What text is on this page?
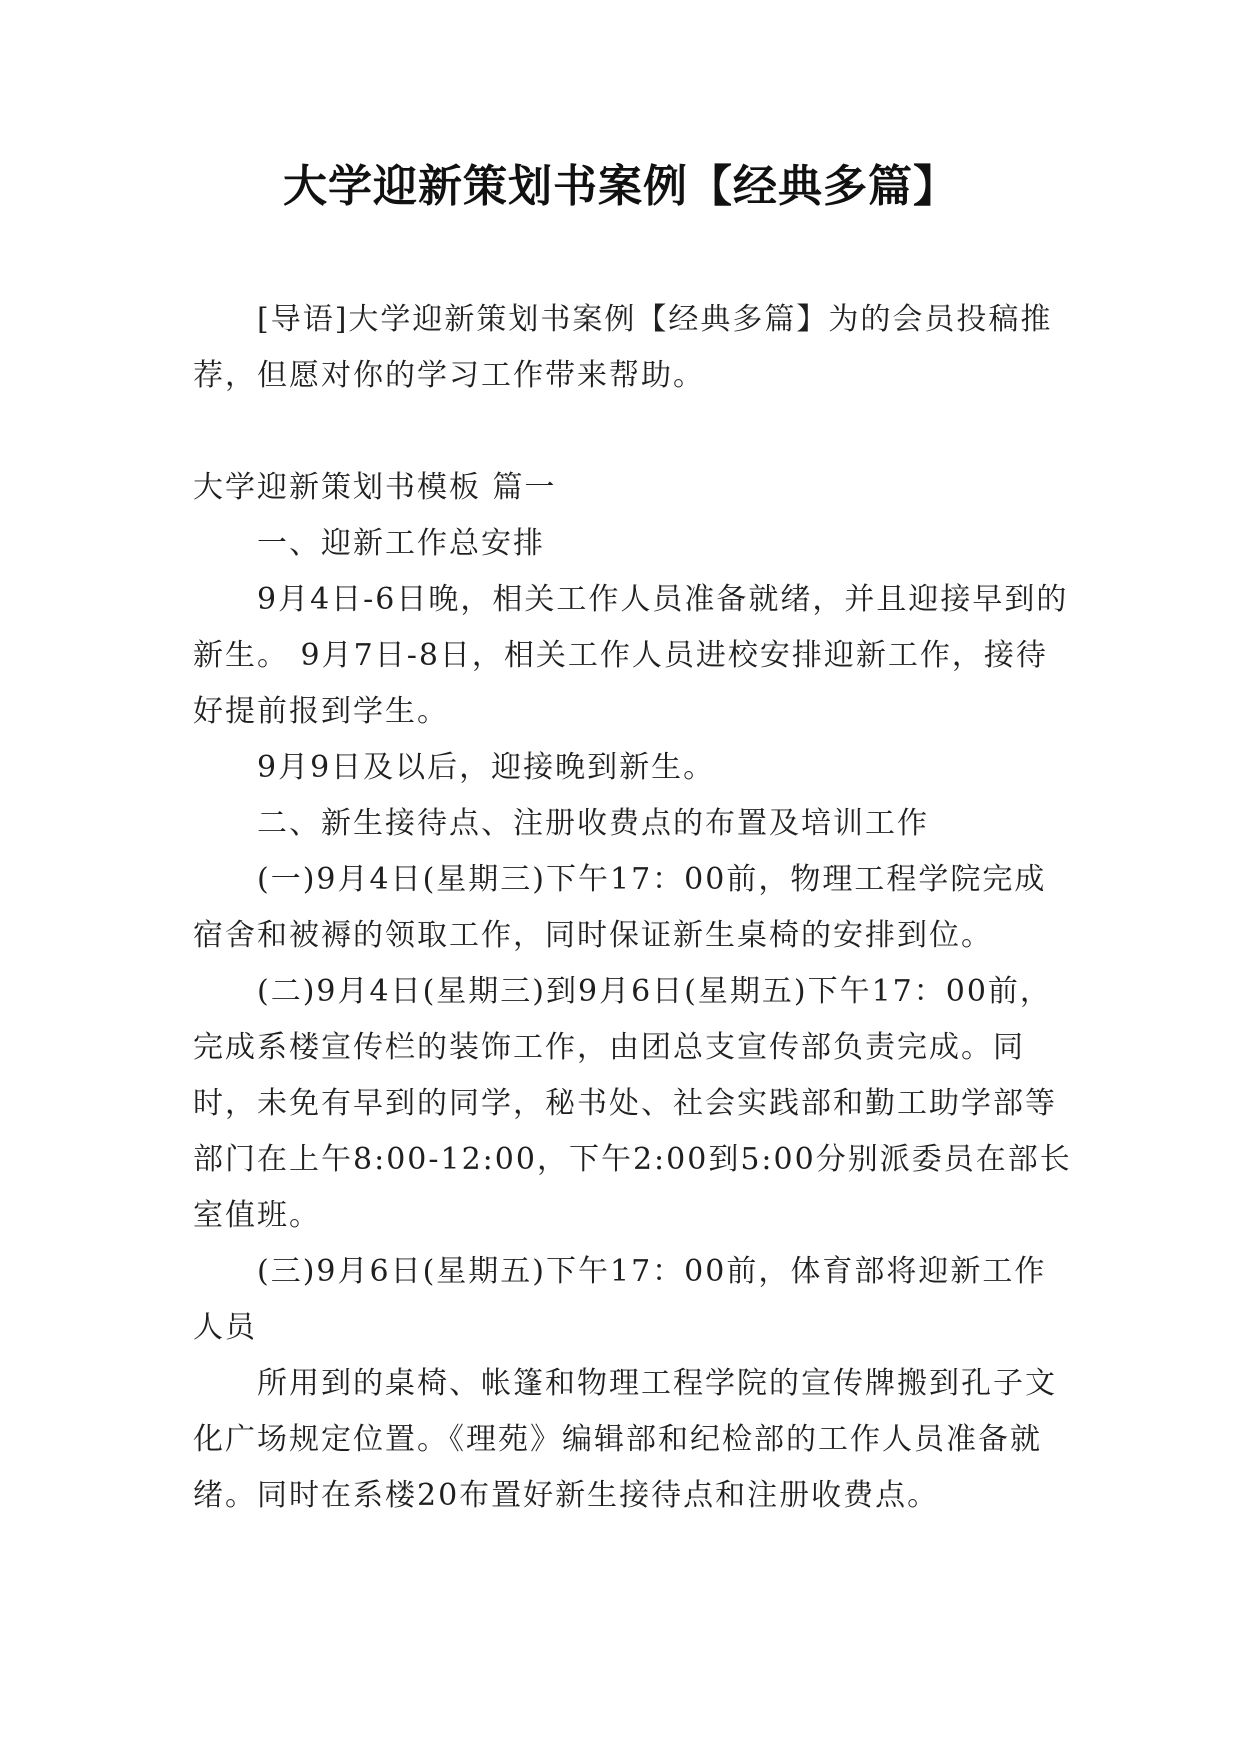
大学迎新策划书案例【经典多篇】

[导语]大学迎新策划书案例【经典多篇】为的会员投稿推荐，但愿对你的学习工作带来帮助。

大学迎新策划书模板 篇一

一、迎新工作总安排

9月4日-6日晚，相关工作人员准备就绪，并且迎接早到的新生。 9月7日-8日，相关工作人员进校安排迎新工作，接待好提前报到学生。

9月9日及以后，迎接晚到新生。

二、新生接待点、注册收费点的布置及培训工作

(一)9月4日(星期三)下午17：00前，物理工程学院完成宿舍和被褥的领取工作，同时保证新生桌椅的安排到位。

(二)9月4日(星期三)到9月6日(星期五)下午17：00前，完成系楼宣传栏的装饰工作，由团总支宣传部负责完成。同时，未免有早到的同学，秘书处、社会实践部和勤工助学部等部门在上午8:00-12:00，下午2:00到5:00分别派委员在部长室值班。

(三)9月6日(星期五)下午17：00前，体育部将迎新工作人员

所用到的桌椅、帐篷和物理工程学院的宣传牌搬到孔子文化广场规定位置。《理苑》编辑部和纪检部的工作人员准备就绪。同时在系楼20布置好新生接待点和注册收费点。
